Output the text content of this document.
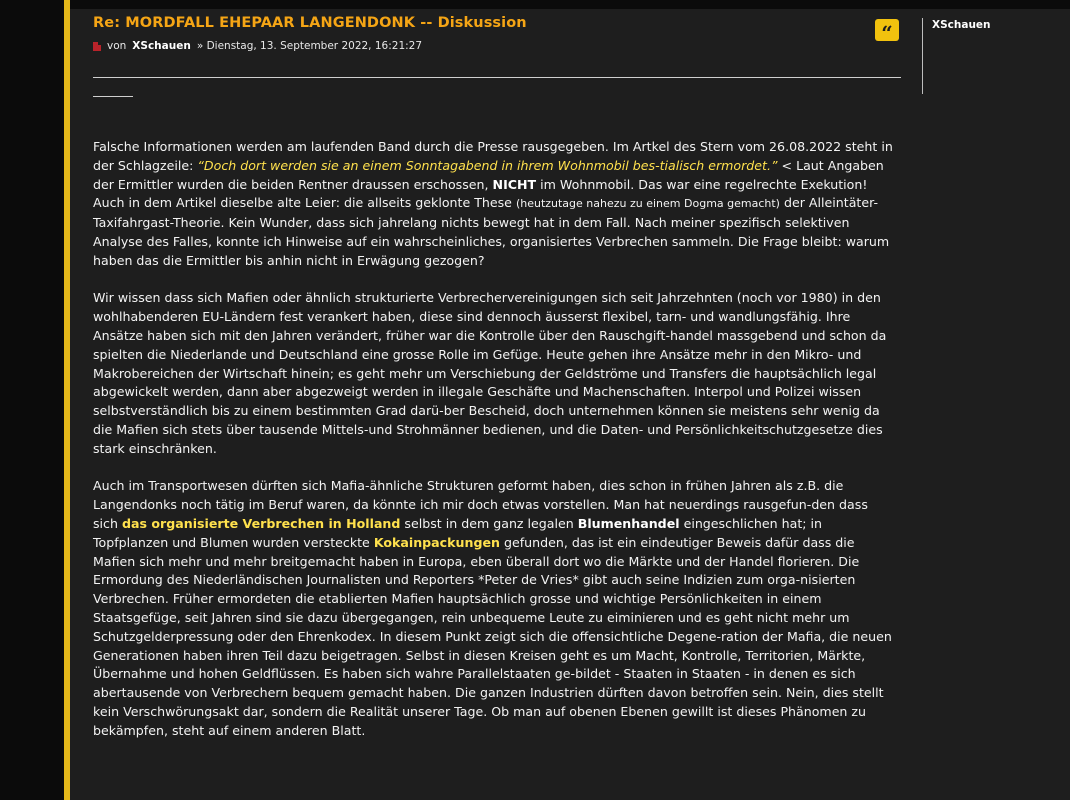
Re: MORDFALL EHEPAAR LANGENDONK -- Diskussion
von XSchauen » Dienstag, 13. September 2022, 16:21:27
“	XSchauen

Falsche Informationen werden am laufenden Band durch die Presse rausgegeben. Im Artkel des Stern vom 26.08.2022 steht in der Schlagzeile: “Doch dort werden sie an einem Sonntagabend in ihrem Wohnmobil bes-tialisch ermordet.” < Laut Angaben der Ermittler wurden die beiden Rentner draussen erschossen, NICHT im Wohnmobil. Das war eine regelrechte Exekution! Auch in dem Artikel dieselbe alte Leier: die allseits geklonte These (heutzutage nahezu zu einem Dogma gemacht) der Alleintäter-Taxifahrgast-Theorie. Kein Wunder, dass sich jahrelang nichts bewegt hat in dem Fall. Nach meiner spezifisch selektiven Analyse des Falles, konnte ich Hinweise auf ein wahrscheinliches, organisiertes Verbrechen sammeln. Die Frage bleibt: warum haben das die Ermittler bis anhin nicht in Erwägung gezogen?

Wir wissen dass sich Mafien oder ähnlich strukturierte Verbrechervereinigungen sich seit Jahrzehnten (noch vor 1980) in den wohlhabenderen EU-Ländern fest verankert haben, diese sind dennoch äusserst flexibel, tarn- und wandlungsfähig. Ihre Ansätze haben sich mit den Jahren verändert, früher war die Kontrolle über den Rauschgift-handel massgebend und schon da spielten die Niederlande und Deutschland eine grosse Rolle im Gefüge. Heute gehen ihre Ansätze mehr in den Mikro- und Makrobereichen der Wirtschaft hinein; es geht mehr um Verschiebung der Geldströme und Transfers die hauptsächlich legal abgewickelt werden, dann aber abgezweigt werden in illegale Geschäfte und Machenschaften. Interpol und Polizei wissen selbstverständlich bis zu einem bestimmten Grad darü-ber Bescheid, doch unternehmen können sie meistens sehr wenig da die Mafien sich stets über tausende Mittels-und Strohmänner bedienen, und die Daten- und Persönlichkeitschutzgesetze dies stark einschränken.

Auch im Transportwesen dürften sich Mafia-ähnliche Strukturen geformt haben, dies schon in frühen Jahren als z.B. die Langendonks noch tätig im Beruf waren, da könnte ich mir doch etwas vorstellen. Man hat neuerdings rausgefun-den dass sich das organisierte Verbrechen in Holland selbst in dem ganz legalen Blumenhandel eingeschlichen hat; in Topfplanzen und Blumen wurden versteckte Kokainpackungen gefunden, das ist ein eindeutiger Beweis dafür dass die Mafien sich mehr und mehr breitgemacht haben in Europa, eben überall dort wo die Märkte und der Handel florieren. Die Ermordung des Niederländischen Journalisten und Reporters *Peter de Vries* gibt auch seine Indizien zum orga-nisierten Verbrechen. Früher ermordeten die etablierten Mafien hauptsächlich grosse und wichtige Persönlichkeiten in einem Staatsgefüge, seit Jahren sind sie dazu übergegangen, rein unbequeme Leute zu eiminieren und es geht nicht mehr um Schutzgelderpressung oder den Ehrenkodex. In diesem Punkt zeigt sich die offensichtliche Degene-ration der Mafia, die neuen Generationen haben ihren Teil dazu beigetragen. Selbst in diesen Kreisen geht es um Macht, Kontrolle, Territorien, Märkte, Übernahme und hohen Geldflüssen. Es haben sich wahre Parallelstaaten ge-bildet - Staaten in Staaten - in denen es sich abertausende von Verbrechern bequem gemacht haben. Die ganzen Industrien dürften davon betroffen sein. Nein, dies stellt kein Verschwörungsakt dar, sondern die Realität unserer Tage. Ob man auf obenen Ebenen gewillt ist dieses Phänomen zu bekämpfen, steht auf einem anderen Blatt.
